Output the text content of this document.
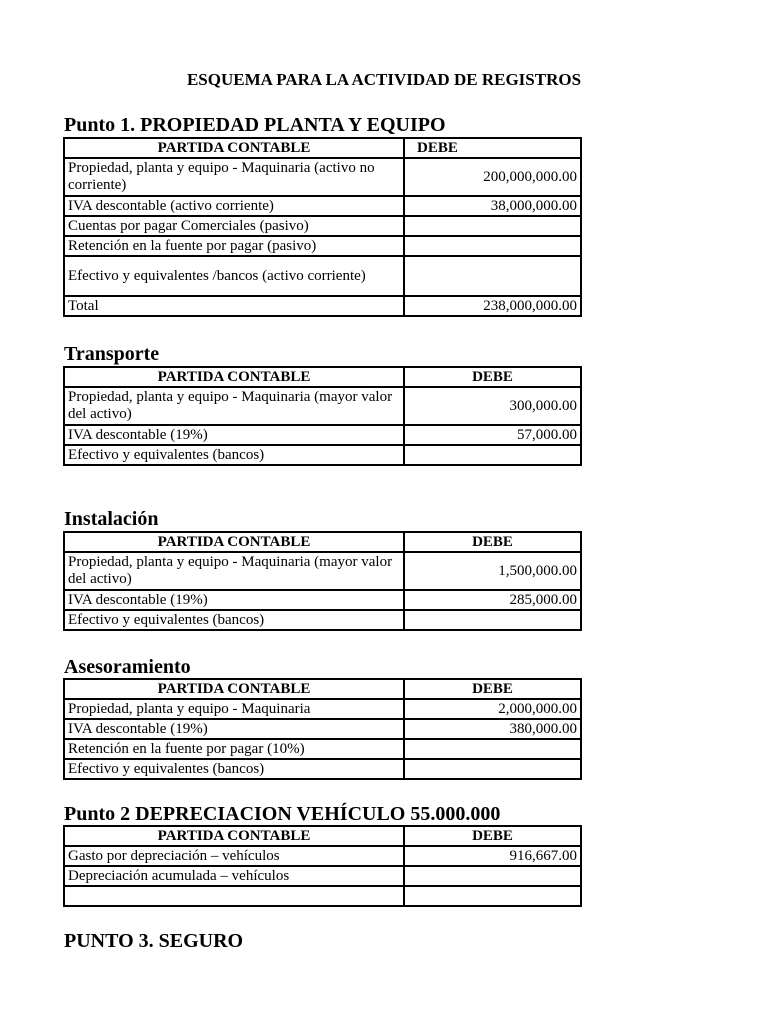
ESQUEMA PARA LA ACTIVIDAD DE REGISTROS
Punto 1. PROPIEDAD PLANTA Y EQUIPO
PARTIDA CONTABLE	DEBE
Propiedad, planta y equipo - Maquinaria (activo no corriente)	200,000,000.00
IVA descontable (activo corriente)	38,000,000.00
Cuentas por pagar Comerciales (pasivo)	
Retención en la fuente por pagar (pasivo)	
Efectivo y equivalentes /bancos (activo corriente)	
Total	238,000,000.00
Transporte
PARTIDA CONTABLE	DEBE
Propiedad, planta y equipo - Maquinaria (mayor valor del activo)	300,000.00
IVA descontable (19%)	57,000.00
Efectivo y equivalentes (bancos)	
Instalación
PARTIDA CONTABLE	DEBE
Propiedad, planta y equipo - Maquinaria (mayor valor del activo)	1,500,000.00
IVA descontable (19%)	285,000.00
Efectivo y equivalentes (bancos)	
Asesoramiento
PARTIDA CONTABLE	DEBE
Propiedad, planta y equipo - Maquinaria	2,000,000.00
IVA descontable (19%)	380,000.00
Retención en la fuente por pagar (10%)	
Efectivo y equivalentes (bancos)	
Punto 2 DEPRECIACION VEHÍCULO 55.000.000
PARTIDA CONTABLE	DEBE
Gasto por depreciación – vehículos	916,667.00
Depreciación acumulada – vehículos	

PUNTO 3. SEGURO
